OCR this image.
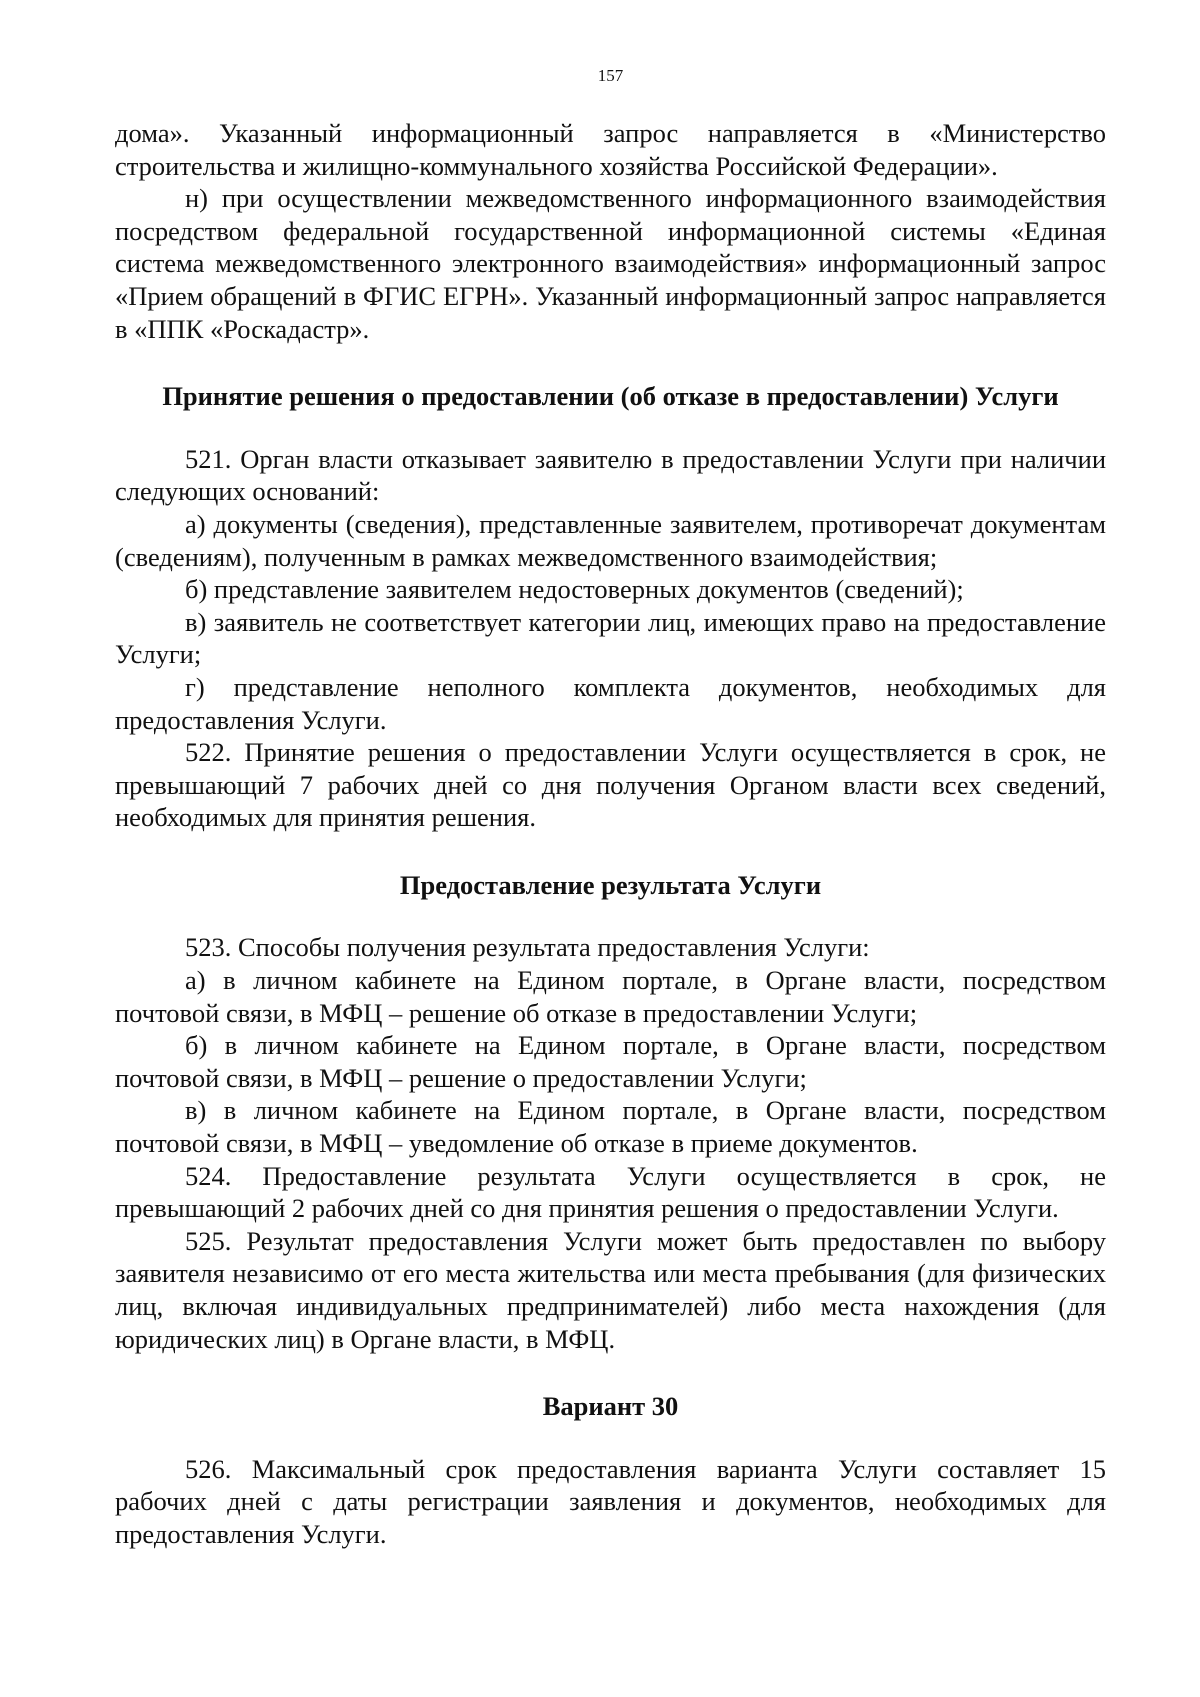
157

дома». Указанный информационный запрос направляется в «Министерство строительства и жилищно-коммунального хозяйства Российской Федерации».

н) при осуществлении межведомственного информационного взаимодействия посредством федеральной государственной информационной системы «Единая система межведомственного электронного взаимодействия» информационный запрос «Прием обращений в ФГИС ЕГРН». Указанный информационный запрос направляется в «ППК «Роскадастр».

Принятие решения о предоставлении (об отказе в предоставлении) Услуги

521. Орган власти отказывает заявителю в предоставлении Услуги при наличии следующих оснований:

а) документы (сведения), представленные заявителем, противоречат документам (сведениям), полученным в рамках межведомственного взаимодействия;

б) представление заявителем недостоверных документов (сведений);

в) заявитель не соответствует категории лиц, имеющих право на предоставление Услуги;

г) представление неполного комплекта документов, необходимых для предоставления Услуги.

522. Принятие решения о предоставлении Услуги осуществляется в срок, не превышающий 7 рабочих дней со дня получения Органом власти всех сведений, необходимых для принятия решения.

Предоставление результата Услуги

523. Способы получения результата предоставления Услуги:

а) в личном кабинете на Едином портале, в Органе власти, посредством почтовой связи, в МФЦ – решение об отказе в предоставлении Услуги;

б) в личном кабинете на Едином портале, в Органе власти, посредством почтовой связи, в МФЦ – решение о предоставлении Услуги;

в) в личном кабинете на Едином портале, в Органе власти, посредством почтовой связи, в МФЦ – уведомление об отказе в приеме документов.

524. Предоставление результата Услуги осуществляется в срок, не превышающий 2 рабочих дней со дня принятия решения о предоставлении Услуги.

525. Результат предоставления Услуги может быть предоставлен по выбору заявителя независимо от его места жительства или места пребывания (для физических лиц, включая индивидуальных предпринимателей) либо места нахождения (для юридических лиц) в Органе власти, в МФЦ.

Вариант 30

526. Максимальный срок предоставления варианта Услуги составляет 15 рабочих дней с даты регистрации заявления и документов, необходимых для предоставления Услуги.
